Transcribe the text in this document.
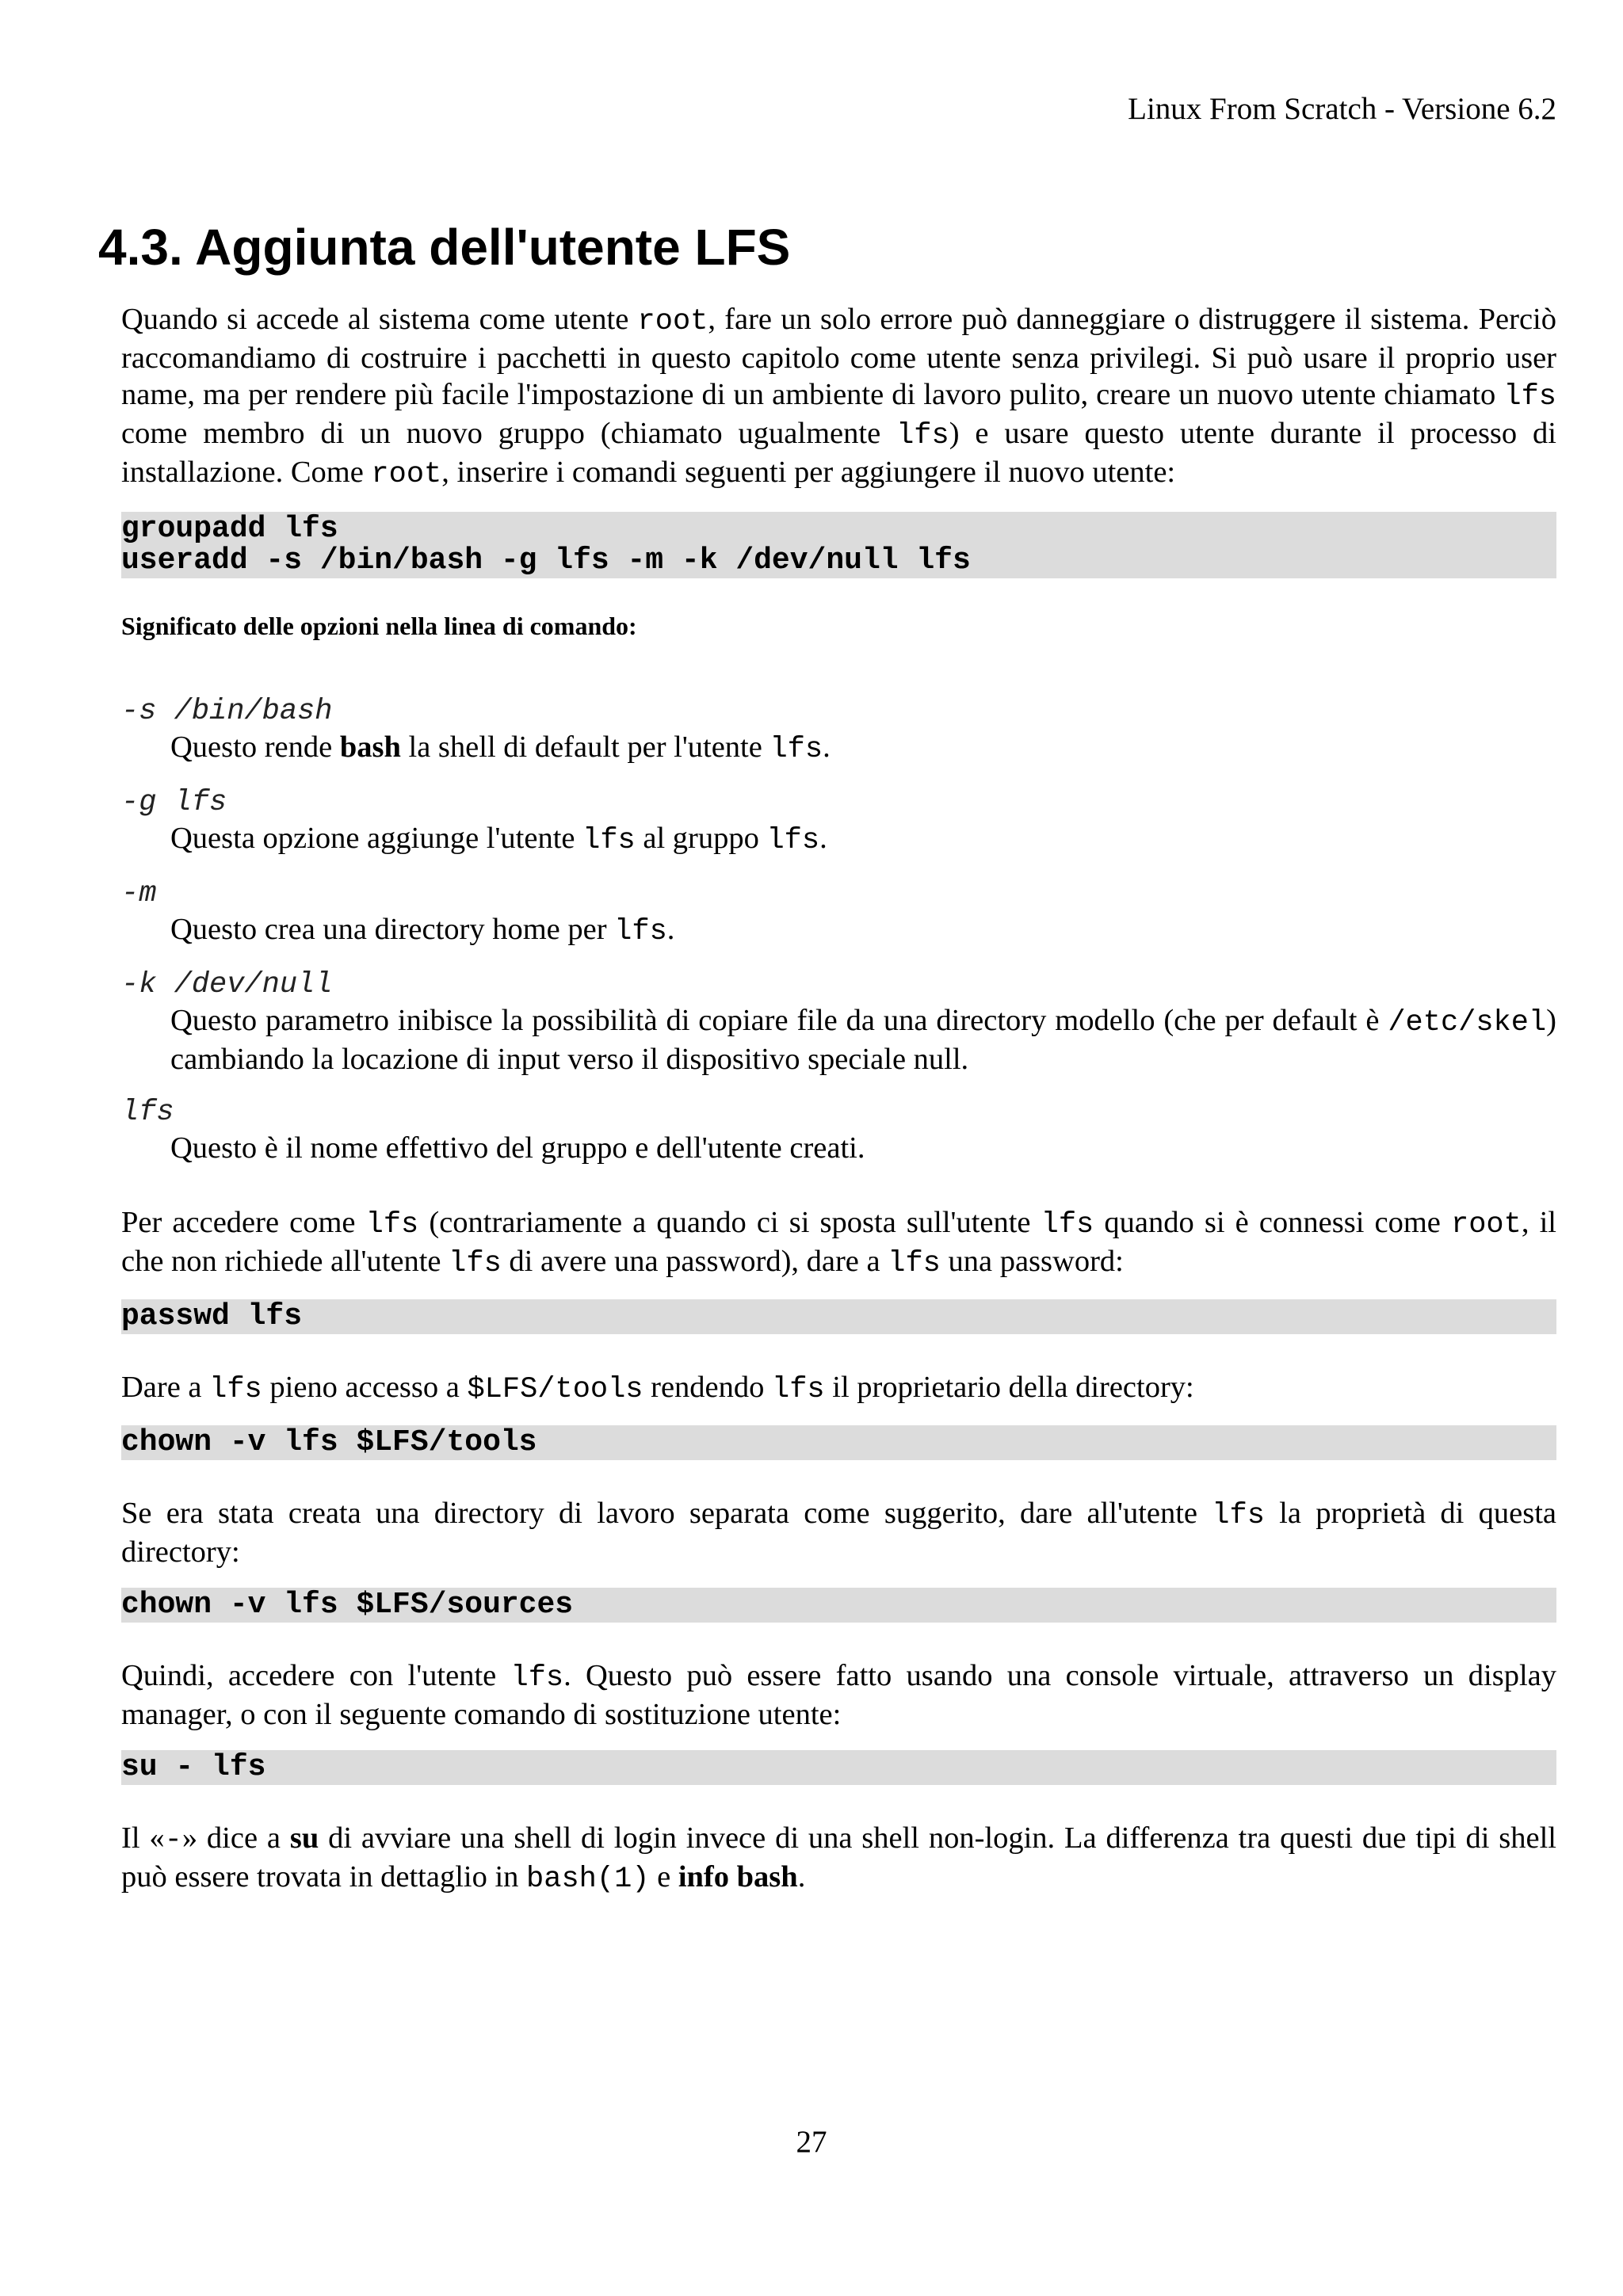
Linux From Scratch - Versione 6.2
4.3. Aggiunta dell'utente LFS

Quando si accede al sistema come utente root, fare un solo errore può danneggiare o distruggere il sistema. Perciò raccomandiamo di costruire i pacchetti in questo capitolo come utente senza privilegi. Si può usare il proprio user name, ma per rendere più facile l'impostazione di un ambiente di lavoro pulito, creare un nuovo utente chiamato lfs come membro di un nuovo gruppo (chiamato ugualmente lfs) e usare questo utente durante il processo di installazione. Come root, inserire i comandi seguenti per aggiungere il nuovo utente:

groupadd lfs
useradd -s /bin/bash -g lfs -m -k /dev/null lfs

Significato delle opzioni nella linea di comando:

-s /bin/bash
Questo rende bash la shell di default per l'utente lfs.
-g lfs
Questa opzione aggiunge l'utente lfs al gruppo lfs.
-m
Questo crea una directory home per lfs.
-k /dev/null
Questo parametro inibisce la possibilità di copiare file da una directory modello (che per default è /etc/skel) cambiando la locazione di input verso il dispositivo speciale null.
lfs
Questo è il nome effettivo del gruppo e dell'utente creati.

Per accedere come lfs (contrariamente a quando ci si sposta sull'utente lfs quando si è connessi come root, il che non richiede all'utente lfs di avere una password), dare a lfs una password:

passwd lfs

Dare a lfs pieno accesso a $LFS/tools rendendo lfs il proprietario della directory:

chown -v lfs $LFS/tools

Se era stata creata una directory di lavoro separata come suggerito, dare all'utente lfs la proprietà di questa directory:

chown -v lfs $LFS/sources

Quindi, accedere con l'utente lfs. Questo può essere fatto usando una console virtuale, attraverso un display manager, o con il seguente comando di sostituzione utente:

su - lfs

Il «-» dice a su di avviare una shell di login invece di una shell non-login. La differenza tra questi due tipi di shell può essere trovata in dettaglio in bash(1) e info bash.

27
